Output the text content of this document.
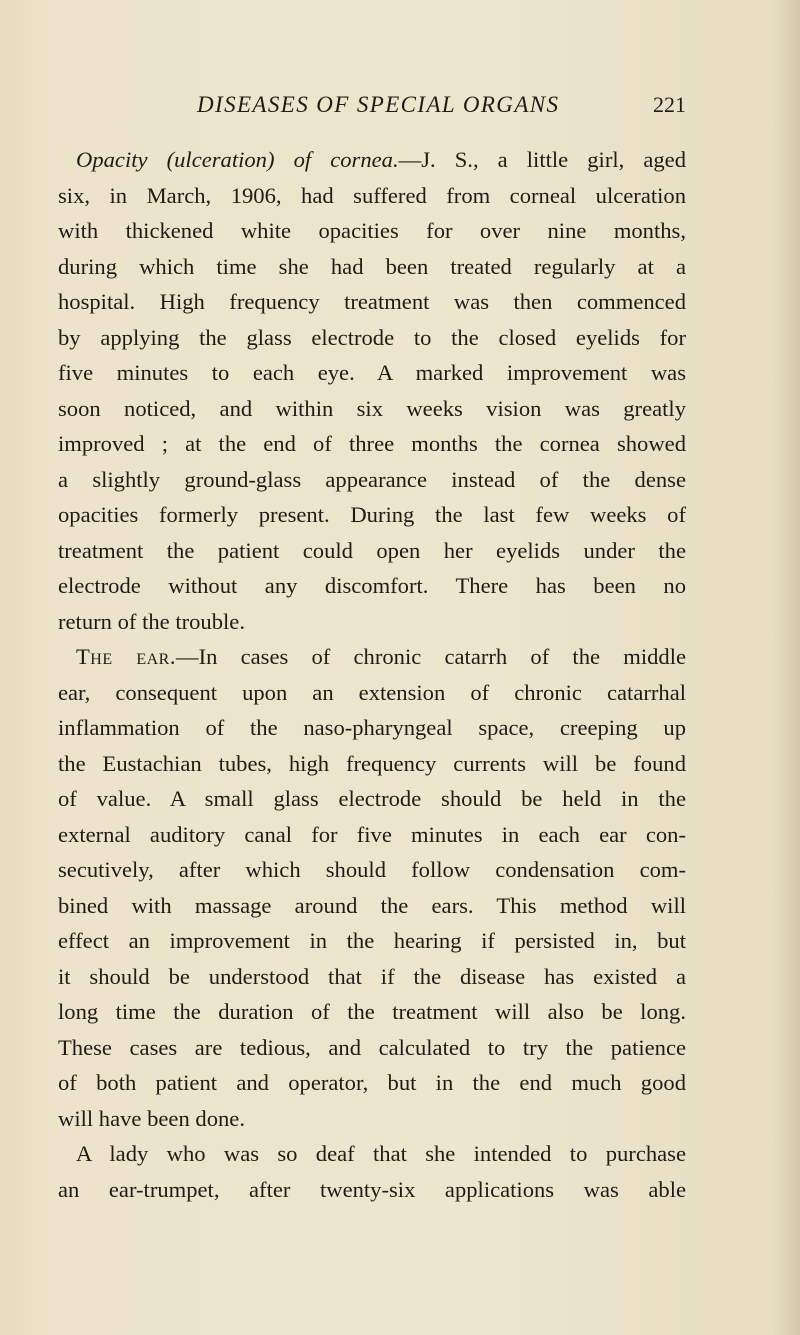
DISEASES OF SPECIAL ORGANS	221
Opacity (ulceration) of cornea.—J. S., a little girl, aged
six, in March, 1906, had suffered from corneal ulceration
with thickened white opacities for over nine months,
during which time she had been treated regularly at a
hospital. High frequency treatment was then commenced
by applying the glass electrode to the closed eyelids for
five minutes to each eye. A marked improvement was
soon noticed, and within six weeks vision was greatly
improved ; at the end of three months the cornea showed
a slightly ground-glass appearance instead of the dense
opacities formerly present. During the last few weeks of
treatment the patient could open her eyelids under the
electrode without any discomfort. There has been no
return of the trouble.
The ear.—In cases of chronic catarrh of the middle
ear, consequent upon an extension of chronic catarrhal
inflammation of the naso-pharyngeal space, creeping up
the Eustachian tubes, high frequency currents will be found
of value. A small glass electrode should be held in the
external auditory canal for five minutes in each ear con-
secutively, after which should follow condensation com-
bined with massage around the ears. This method will
effect an improvement in the hearing if persisted in, but
it should be understood that if the disease has existed a
long time the duration of the treatment will also be long.
These cases are tedious, and calculated to try the patience
of both patient and operator, but in the end much good
will have been done.
A lady who was so deaf that she intended to purchase
an ear-trumpet, after twenty-six applications was able
